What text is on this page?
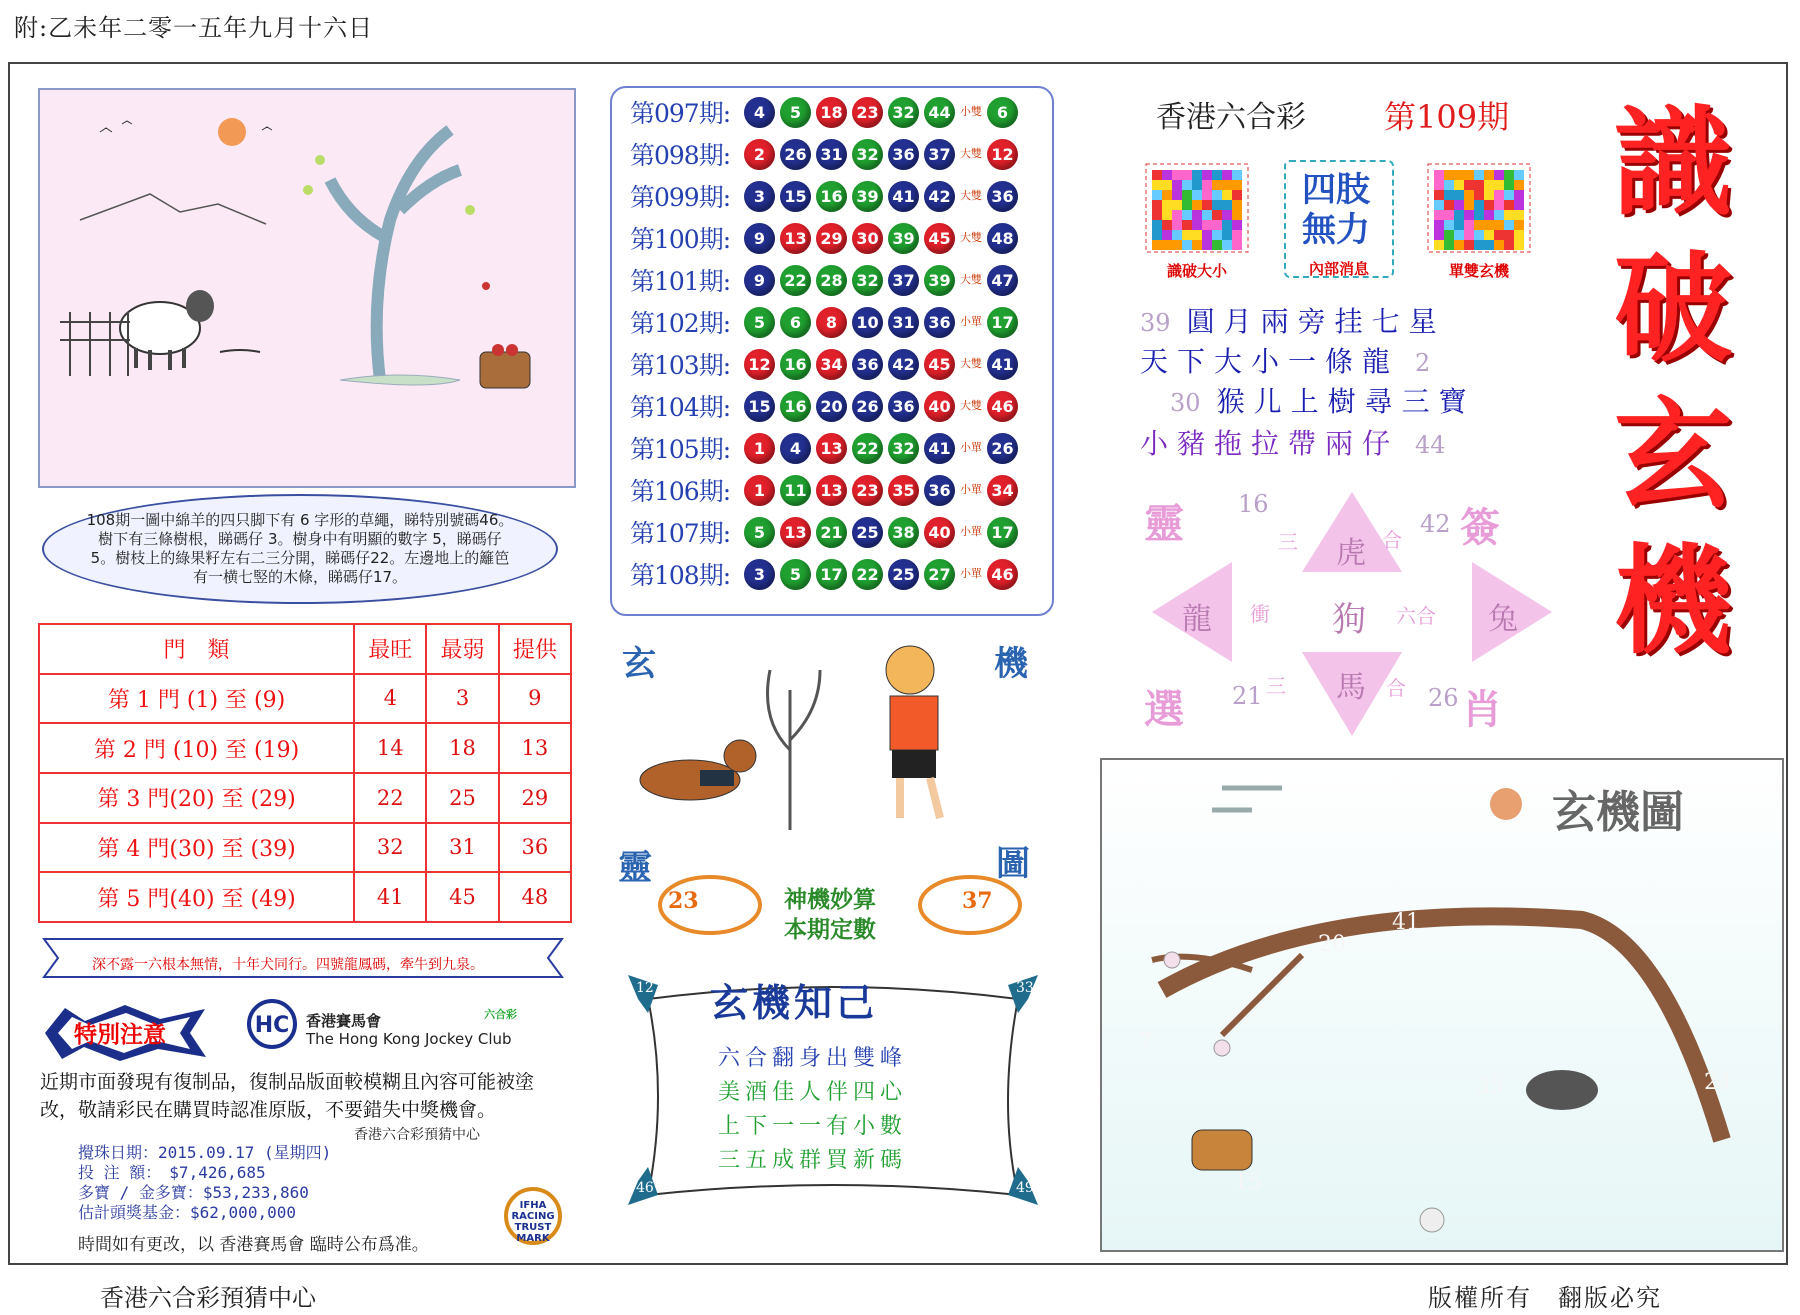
附:乙未年二零一五年九月十六日
108期一圖中綿羊的四只脚下有 6 字形的草繩，睇特別號碼46。樹下有三條樹根，睇碼仔 3。樹身中有明顯的數字 5，睇碼仔 5。樹枝上的綠果籽左右二三分開，睇碼仔22。左邊地上的籬笆有一横七竪的木條，睇碼仔17。
門　類	最旺	最弱	提供
第 1 門 (1) 至 (9)	4	3	9
第 2 門 (10) 至 (19)	14	18	13
第 3 門(20) 至 (29)	22	25	29
第 4 門(30) 至 (39)	32	31	36
第 5 門(40) 至 (49)	41	45	48
深不露一六根本無情，十年犬同行。四號龍鳳碼，牽牛到九泉。
特別注意	HC 香港賽馬會
The Hong Kong Jockey Club
六合彩
近期市面發現有復制品，復制品版面較模糊且內容可能被塗改，敬請彩民在購買時認准原版，不要錯失中獎機會。
香港六合彩預猜中心
攪珠日期：2015.09.17 (星期四)
投 注 額：　 $7,426,685
多寶 / 金多寶：$53,233,860
估計頭獎基金：$62,000,000
時間如有更改，以 香港賽馬會 臨時公布爲准。
IFHA RACING TRUST MARK
第097期:	4	5	18 23 32 44 小雙 6
第098期:	2	26 31 32 36 37 大雙 12
第099期:	3	15 16 39 41 42 大雙 36
第100期:	9	13 29 30 39 45 大雙 48
第101期:	9	22 28 32 37 39 大雙 47
第102期:	5	6	8	10 31 36 小單 17
第103期:	12 16 34 36 42 45 大雙 41
第104期:	15 16 20 26 36 40 大雙 46
第105期:	1	4	13 22 32 41 小單 26
第106期:	1	11 13 23 35 36 小單 34
第107期:	5	13 21 25 38 40 小單 17
第108期:	3	5	17 22 25 27 小單 46
玄	機
靈	圖
23	37
神機妙算 本期定數
12	33
46	49
玄機知己
六合翻身出雙峰
美酒佳人伴四心
上下一一有小數
三五成群買新碼
香港六合彩 第109期
識破大小	內部消息
四肢無力
單雙玄機
識破玄機
39　 圓月兩旁挂七星
天下大小一條龍　 2
30　 猴儿上樹尋三寶
小豬拖拉帶兩仔　 44
靈	簽
選	肖
龍	兔
虎
狗
馬
16
42
21	26
三	合
衝	六合
三	合
20
41
7
35	24
15
玄機圖
香港六合彩預猜中心	版權所有　翻版必究
